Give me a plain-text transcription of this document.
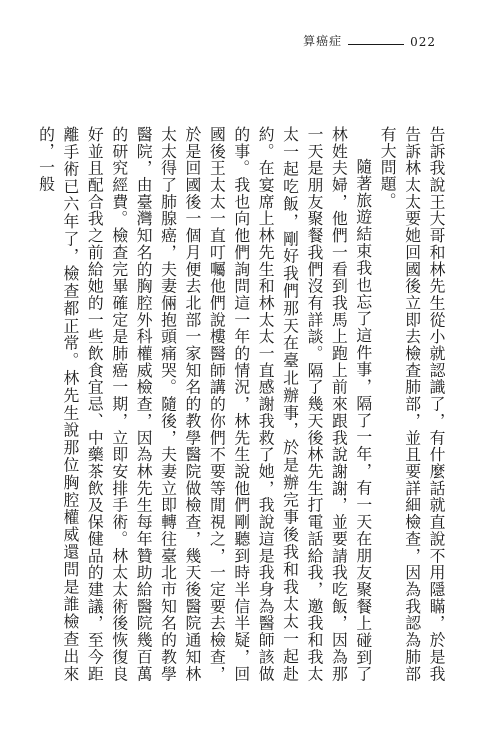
算癌症	022

告訴我說王大哥和林先生從小就認識了，有什麼話就直說不用隱瞞，於是我告訴林太太要她回國後立即去檢查肺部，並且要詳細檢查，因為我認為肺部有大問題。

隨著旅遊結束我也忘了這件事，隔了一年，有一天在朋友聚餐上碰到了林姓夫婦，他們一看到我馬上跑上前來跟我說謝謝，並要請我吃飯，因為那一天是朋友聚餐我們沒有詳談。隔了幾天後林先生打電話給我，邀我和我太太一起吃飯，剛好我們那天在臺北辦事，於是辦完事後我和我太太一起赴約。在宴席上林先生和林太太一直感謝我救了她，我說這是我身為醫師該做的事。我也向他們詢問這一年的情況，林先生說他們剛聽到時半信半疑，回國後王太太一直叮囑他們說樓醫師講的你們不要等閒視之，一定要去檢查，於是回國後一個月便去北部一家知名的教學醫院做檢查，幾天後醫院通知林太太得了肺腺癌，夫妻倆抱頭痛哭。隨後，夫妻立即轉往臺北市知名的教學醫院，由臺灣知名的胸腔外科權威檢查，因為林先生每年贊助給醫院幾百萬的研究經費。檢查完畢確定是肺癌一期，立即安排手術。林太太術後恢復良好並且配合我之前給她的一些飲食宜忌、中藥茶飲及保健品的建議，至今距離手術已六年了，檢查都正常。林先生說那位胸腔權威還問是誰檢查出來的，一般
